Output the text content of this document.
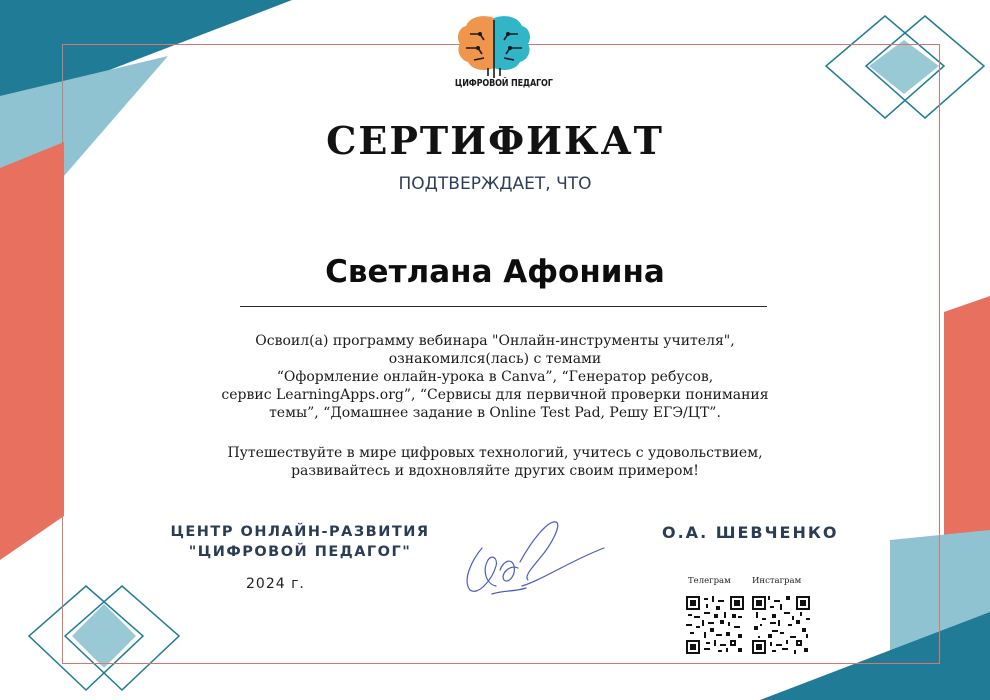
ЦИФРОВОЙ ПЕДАГОГ
СЕРТИФИКАТ
ПОДТВЕРЖДАЕТ, ЧТО
Светлана Афонина
Освоил(а) программу вебинара "Онлайн-инструменты учителя",
ознакомился(лась) с темами
“Оформление онлайн-урока в Canva”, “Генератор ребусов,
сервис LearningApps.org”, “Сервисы для первичной проверки понимания
темы”, “Домашнее задание в Online Test Pad, Решу ЕГЭ/ЦТ”.
Путешествуйте в мире цифровых технологий, учитесь с удовольствием,
развивайтесь и вдохновляйте других своим примером!
ЦЕНТР ОНЛАЙН-РАЗВИТИЯ
"ЦИФРОВОЙ ПЕДАГОГ"
2024 г.
О.А. ШЕВЧЕНКО
Телеграм	Инстаграм
